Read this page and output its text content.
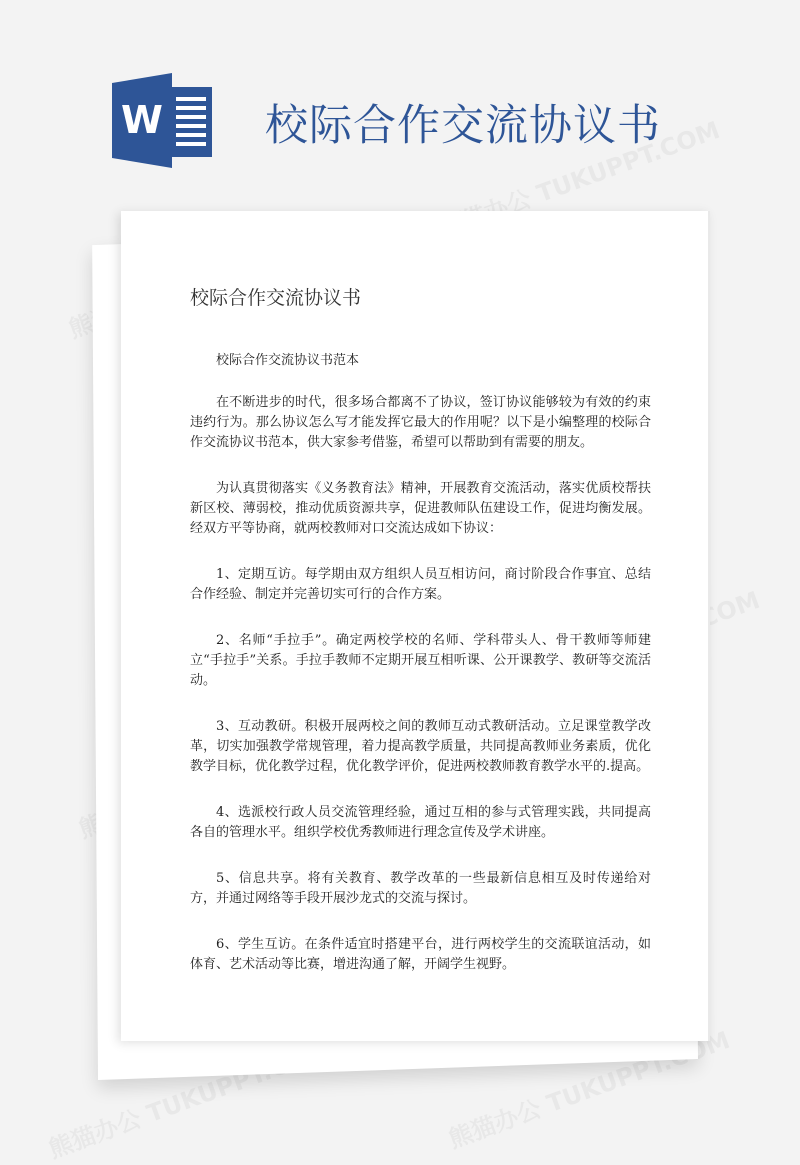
W 校际合作交流协议书
校际合作交流协议书

校际合作交流协议书范本

在不断进步的时代，很多场合都离不了协议，签订协议能够较为有效的约束违约行为。那么协议怎么写才能发挥它最大的作用呢？以下是小编整理的校际合作交流协议书范本，供大家参考借鉴，希望可以帮助到有需要的朋友。

为认真贯彻落实《义务教育法》精神，开展教育交流活动，落实优质校帮扶新区校、薄弱校，推动优质资源共享，促进教师队伍建设工作，促进均衡发展。经双方平等协商，就两校教师对口交流达成如下协议：

1、定期互访。每学期由双方组织人员互相访问，商讨阶段合作事宜、总结合作经验、制定并完善切实可行的合作方案。

2、名师“手拉手”。确定两校学校的名师、学科带头人、骨干教师等师建立“手拉手”关系。手拉手教师不定期开展互相听课、公开课教学、教研等交流活动。

3、互动教研。积极开展两校之间的教师互动式教研活动。立足课堂教学改革，切实加强教学常规管理，着力提高教学质量，共同提高教师业务素质，优化教学目标，优化教学过程，优化教学评价，促进两校教师教育教学水平的.提高。

4、选派校行政人员交流管理经验，通过互相的参与式管理实践，共同提高各自的管理水平。组织学校优秀教师进行理念宣传及学术讲座。

5、信息共享。将有关教育、教学改革的一些最新信息相互及时传递给对方，并通过网络等手段开展沙龙式的交流与探讨。

6、学生互访。在条件适宜时搭建平台，进行两校学生的交流联谊活动，如体育、艺术活动等比赛，增进沟通了解，开阔学生视野。
